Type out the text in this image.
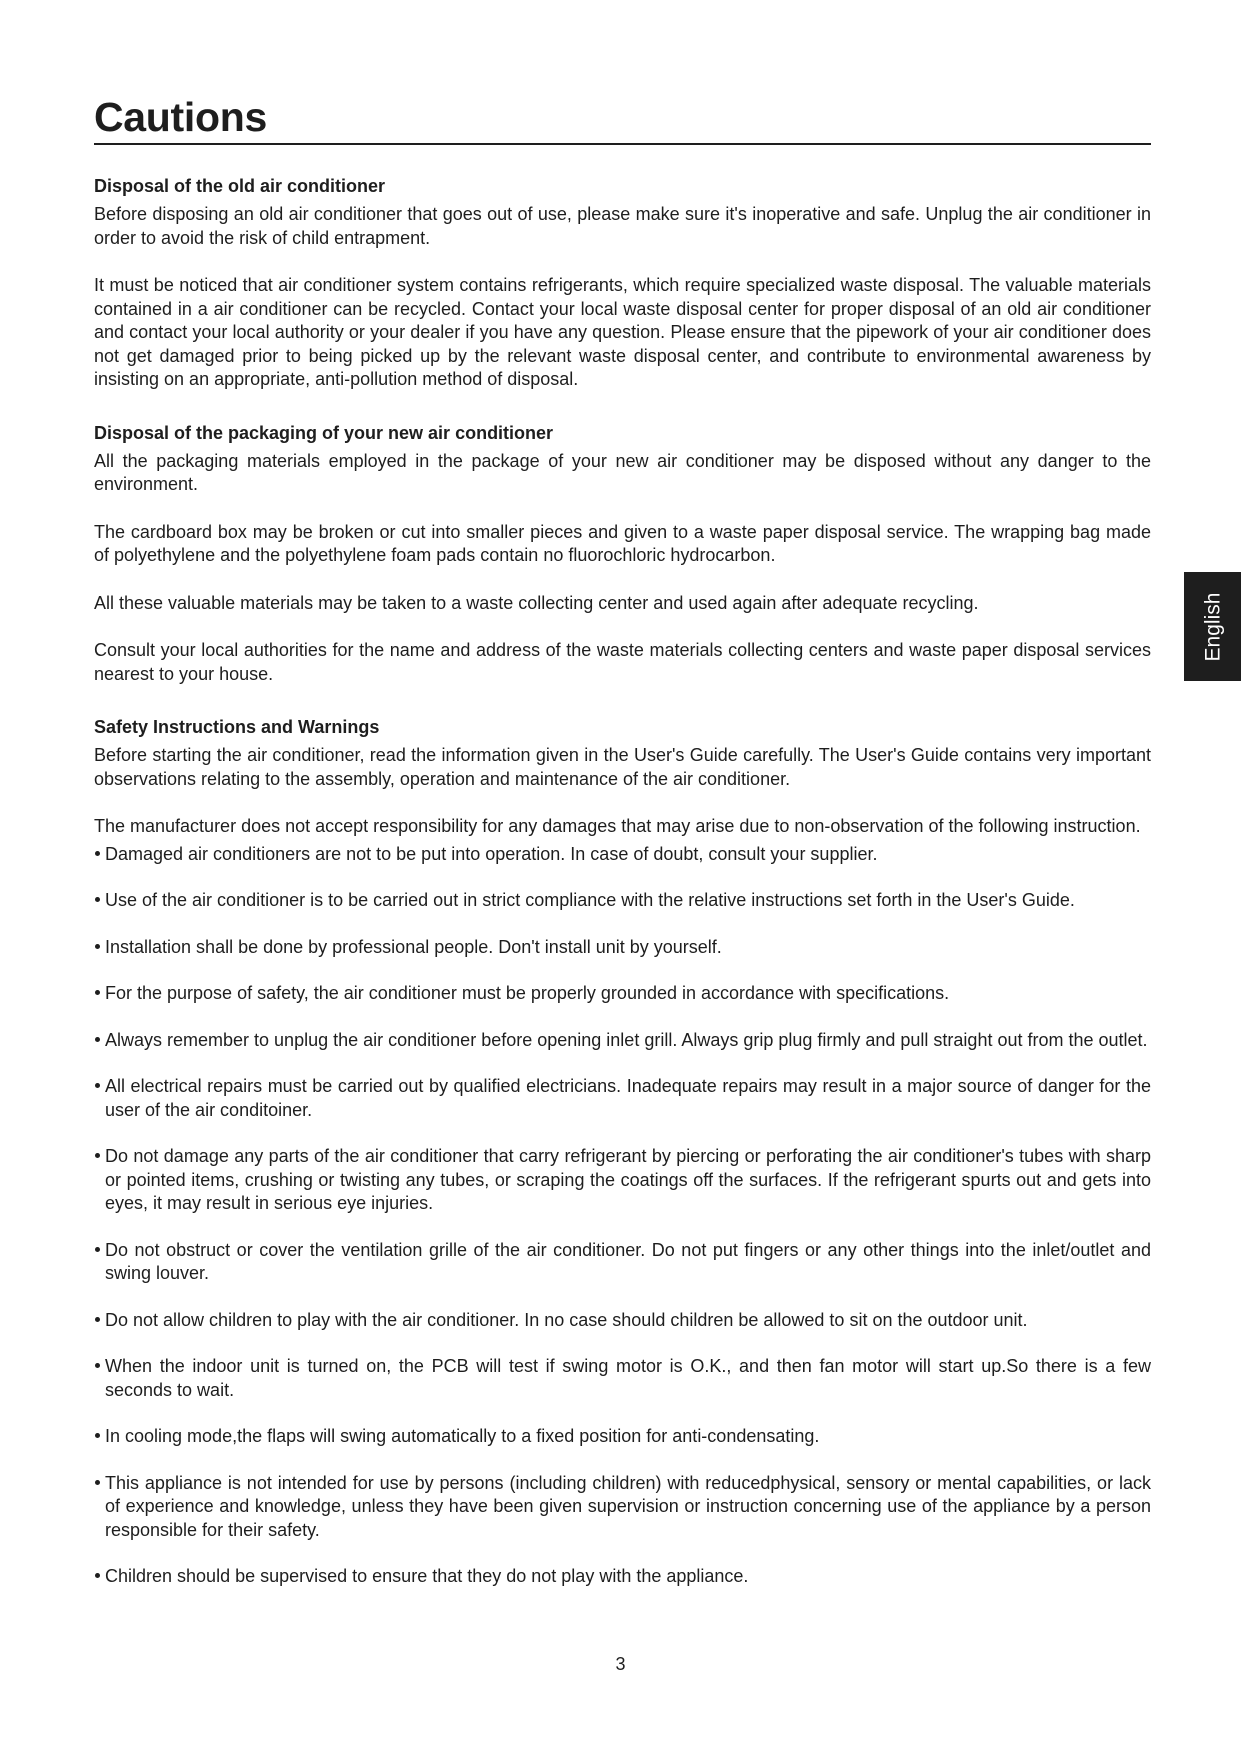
Cautions
Disposal of the old air conditioner

Before disposing an old air conditioner that goes out of use, please make sure it's inoperative and safe. Unplug the air conditioner in order to avoid the risk of child entrapment.

It must be noticed that air conditioner system contains refrigerants, which require specialized waste disposal. The valuable materials contained in a air conditioner can be recycled. Contact your local waste disposal center for proper disposal of an old air conditioner and contact your local authority or your dealer if you have any question. Please ensure that the pipework of your air conditioner does not get damaged prior to being picked up by the relevant waste disposal center, and contribute to environmental awareness by insisting on an appropriate, anti-pollution method of disposal.

Disposal of the packaging of your new air conditioner

All the packaging materials employed in the package of your new air conditioner may be disposed without any danger to the environment.

The cardboard box may be broken or cut into smaller pieces and given to a waste paper disposal service. The wrapping bag made of polyethylene and the polyethylene foam pads contain no fluorochloric hydrocarbon.

All these valuable materials may be taken to a waste collecting center and used again after adequate recycling.

Consult your local authorities for the name and address of the waste materials collecting centers and waste paper disposal services nearest to your house.

Safety Instructions and Warnings

Before starting the air conditioner, read the information given in the User's Guide carefully. The User's Guide contains very important observations relating to the assembly, operation and maintenance of the air conditioner.

The manufacturer does not accept responsibility for any damages that may arise due to non-observation of the following instruction.

Damaged air conditioners are not to be put into operation. In case of doubt, consult your supplier.
Use of the air conditioner is to be carried out in strict compliance with the relative instructions set forth in the User's Guide.
Installation shall be done by professional people. Don't install unit by yourself.
For the purpose of safety, the air conditioner must be properly grounded in accordance with specifications.
Always remember to unplug the air conditioner before opening inlet grill. Always grip plug firmly and pull straight out from the outlet.
All electrical repairs must be carried out by qualified electricians. Inadequate repairs may result in a major source of danger for the user of the air conditoiner.
Do not damage any parts of the air conditioner that carry refrigerant by piercing or perforating the air conditioner's tubes with sharp or pointed items, crushing or twisting any tubes, or scraping the coatings off the surfaces. If the refrigerant spurts out and gets into eyes, it may result in serious eye injuries.
Do not obstruct or cover the ventilation grille of the air conditioner. Do not put fingers or any other things into the inlet/outlet and swing louver.
Do not allow children to play with the air conditioner. In no case should children be allowed to sit on the outdoor unit.
When the indoor unit is turned on, the PCB will test if swing motor is O.K., and then fan motor will start up.So there is a few seconds to wait.
In cooling mode,the flaps will swing automatically to a fixed position for anti-condensating.
This appliance is not intended for use by persons (including children) with reducedphysical, sensory or mental capabilities, or lack of experience and knowledge, unless they have been given supervision or instruction concerning use of the appliance by a person responsible for their safety.
Children should be supervised to ensure that they do not play with the appliance.
3
English
